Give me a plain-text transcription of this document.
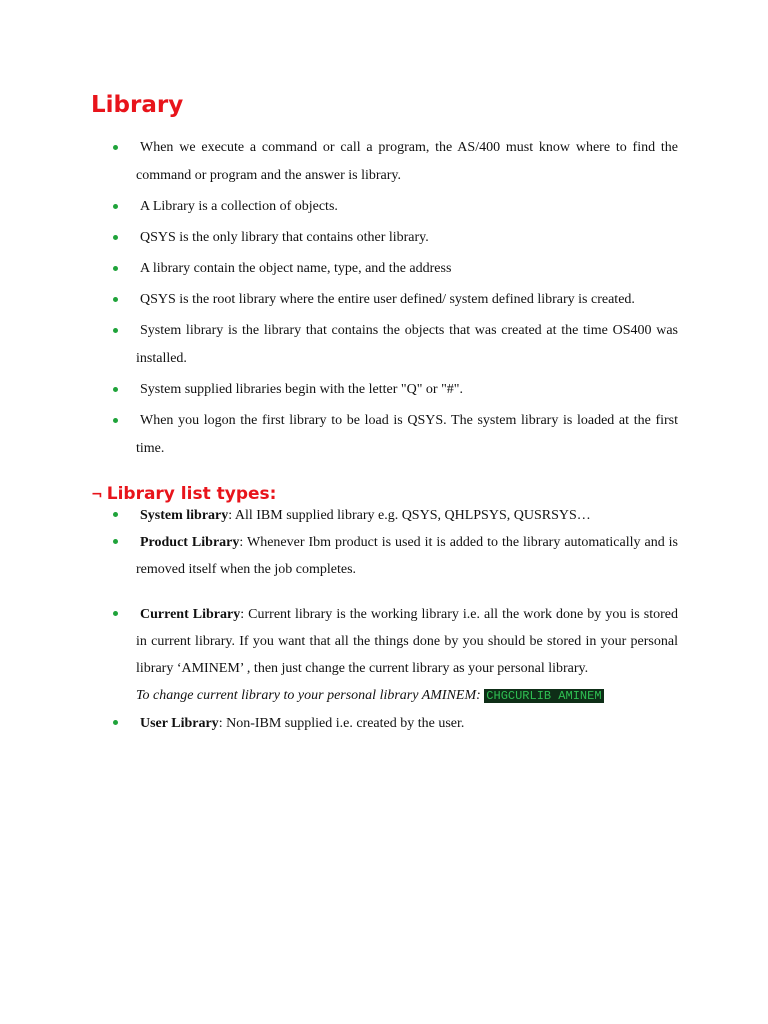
Library
When we execute a command or call a program, the AS/400 must know where to find the command or program and the answer is library.
A Library is a collection of objects.
QSYS is the only library that contains other library.
A library contain the object name, type, and the address
QSYS is the root library where the entire user defined/ system defined library is created.
System library is the library that contains the objects that was created at the time OS400 was installed.
System supplied libraries begin with the letter "Q" or "#".
When you logon the first library to be load is QSYS. The system library is loaded at the first time.
¬ Library list types:
System library: All IBM supplied library e.g. QSYS, QHLPSYS, QUSRSYS…
Product Library: Whenever Ibm product is used it is added to the library automatically and is removed itself when the job completes.
Current Library: Current library is the working library i.e. all the work done by you is stored in current library. If you want that all the things done by you should be stored in your personal library ‘AMINEM’ , then just change the current library as your personal library.
To change current library to your personal library AMINEM: CHGCURLIB AMINEM
User Library: Non-IBM supplied i.e. created by the user.
